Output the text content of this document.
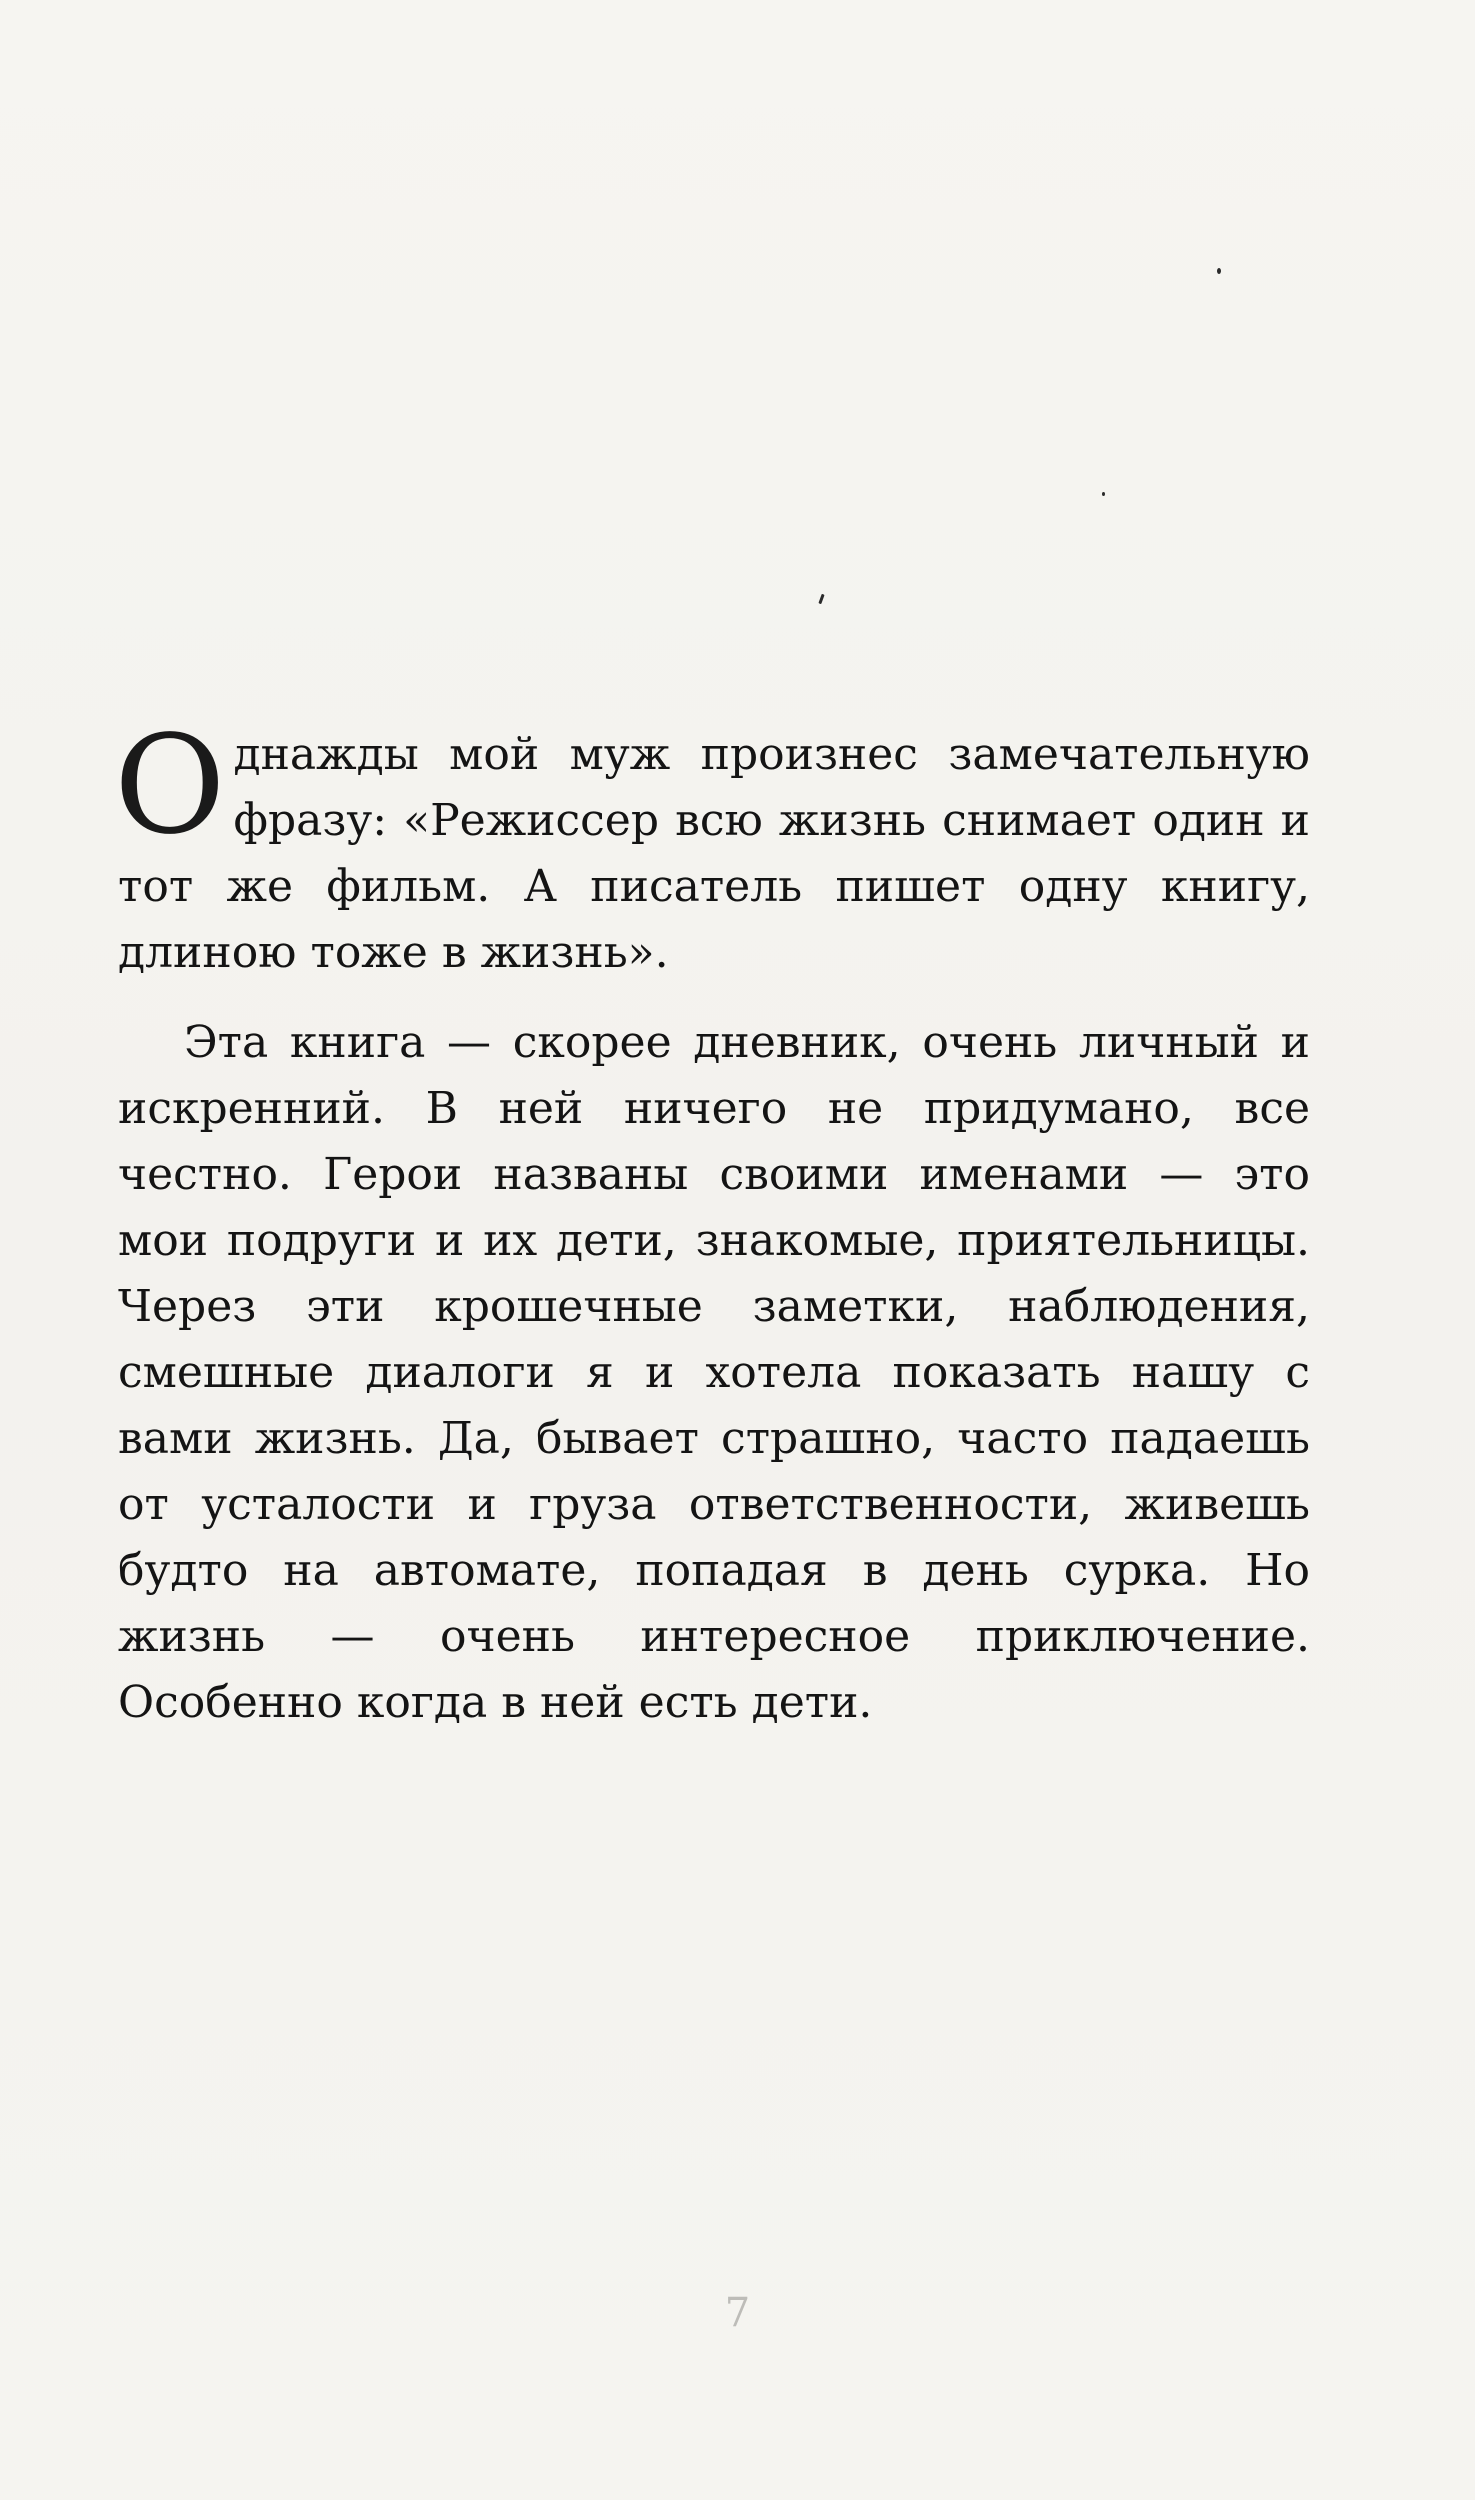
Однажды мой муж произнес замечательную фразу: «Режиссер всю жизнь снимает один и тот же фильм. А писатель пишет одну книгу, длиною тоже в жизнь».

Эта книга — скорее дневник, очень личный и искренний. В ней ничего не придумано, все честно. Герои названы своими именами — это мои подруги и их дети, знакомые, приятельницы. Через эти крошечные заметки, наблюдения, смешные диалоги я и хотела показать нашу с вами жизнь. Да, бывает страшно, часто падаешь от усталости и груза ответственности, живешь будто на автомате, попадая в день сурка. Но жизнь — очень интересное приключение. Особенно когда в ней есть дети.

7
